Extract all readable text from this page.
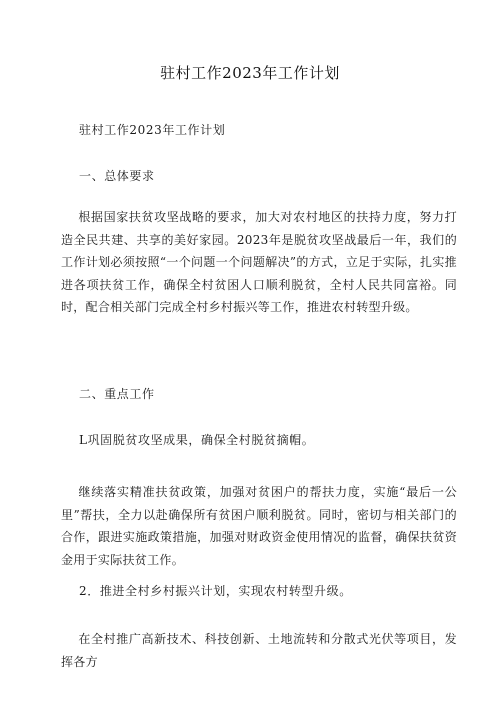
驻村工作2023年工作计划
驻村工作2023年工作计划
一、总体要求

根据国家扶贫攻坚战略的要求，加大对农村地区的扶持力度，努力打造全民共建、共享的美好家园。2023年是脱贫攻坚战最后一年，我们的工作计划必须按照“一个问题一个问题解决”的方式，立足于实际，扎实推进各项扶贫工作，确保全村贫困人口顺利脱贫，全村人民共同富裕。同时，配合相关部门完成全村乡村振兴等工作，推进农村转型升级。

二、重点工作
L巩固脱贫攻坚成果，确保全村脱贫摘帽。

继续落实精准扶贫政策，加强对贫困户的帮扶力度，实施“最后一公里”帮扶，全力以赴确保所有贫困户顺利脱贫。同时，密切与相关部门的合作，跟进实施政策措施，加强对财政资金使用情况的监督，确保扶贫资金用于实际扶贫工作。

2．推进全村乡村振兴计划，实现农村转型升级。

在全村推广高新技术、科技创新、土地流转和分散式光伏等项目，发挥各方
